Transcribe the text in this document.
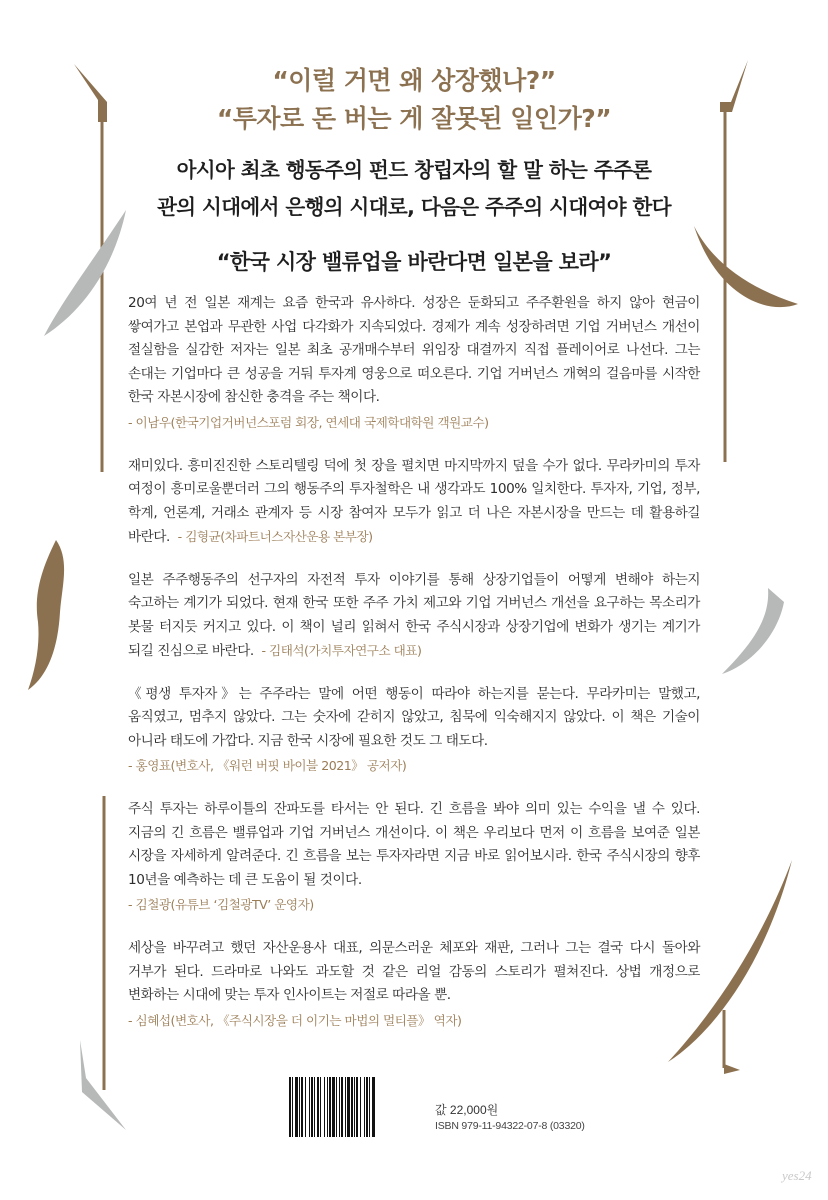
“이럴 거면 왜 상장했나?”
“투자로 돈 버는 게 잘못된 일인가?”
아시아 최초 행동주의 펀드 창립자의 할 말 하는 주주론
관의 시대에서 은행의 시대로, 다음은 주주의 시대여야 한다
“한국 시장 밸류업을 바란다면 일본을 보라”

20여 년 전 일본 재계는 요즘 한국과 유사하다. 성장은 둔화되고 주주환원을 하지 않아 현금이 쌓여가고 본업과 무관한 사업 다각화가 지속되었다. 경제가 계속 성장하려면 기업 거버넌스 개선이 절실함을 실감한 저자는 일본 최초 공개매수부터 위임장 대결까지 직접 플레이어로 나선다. 그는 손대는 기업마다 큰 성공을 거둬 투자계 영웅으로 떠오른다. 기업 거버넌스 개혁의 걸음마를 시작한 한국 자본시장에 참신한 충격을 주는 책이다.

- 이남우(한국기업거버넌스포럼 회장, 연세대 국제학대학원 객원교수)

재미있다. 흥미진진한 스토리텔링 덕에 첫 장을 펼치면 마지막까지 덮을 수가 없다. 무라카미의 투자 여정이 흥미로울뿐더러 그의 행동주의 투자철학은 내 생각과도 100% 일치한다. 투자자, 기업, 정부, 학계, 언론계, 거래소 관계자 등 시장 참여자 모두가 읽고 더 나은 자본시장을 만드는 데 활용하길 바란다. - 김형균(차파트너스자산운용 본부장)

일본 주주행동주의 선구자의 자전적 투자 이야기를 통해 상장기업들이 어떻게 변해야 하는지 숙고하는 계기가 되었다. 현재 한국 또한 주주 가치 제고와 기업 거버넌스 개선을 요구하는 목소리가 봇물 터지듯 커지고 있다. 이 책이 널리 읽혀서 한국 주식시장과 상장기업에 변화가 생기는 계기가 되길 진심으로 바란다. - 김태석(가치투자연구소 대표)

《평생 투자자》는 주주라는 말에 어떤 행동이 따라야 하는지를 묻는다. 무라카미는 말했고, 움직였고, 멈추지 않았다. 그는 숫자에 갇히지 않았고, 침묵에 익숙해지지 않았다. 이 책은 기술이 아니라 태도에 가깝다. 지금 한국 시장에 필요한 것도 그 태도다.

- 홍영표(변호사, 《워런 버핏 바이블 2021》 공저자)

주식 투자는 하루이틀의 잔파도를 타서는 안 된다. 긴 흐름을 봐야 의미 있는 수익을 낼 수 있다. 지금의 긴 흐름은 밸류업과 기업 거버넌스 개선이다. 이 책은 우리보다 먼저 이 흐름을 보여준 일본 시장을 자세하게 알려준다. 긴 흐름을 보는 투자자라면 지금 바로 읽어보시라. 한국 주식시장의 향후 10년을 예측하는 데 큰 도움이 될 것이다.

- 김철광(유튜브 ‘김철광TV’ 운영자)

세상을 바꾸려고 했던 자산운용사 대표, 의문스러운 체포와 재판, 그러나 그는 결국 다시 돌아와 거부가 된다. 드라마로 나와도 과도할 것 같은 리얼 감동의 스토리가 펼쳐진다. 상법 개정으로 변화하는 시대에 맞는 투자 인사이트는 저절로 따라올 뿐.

- 심혜섭(변호사, 《주식시장을 더 이기는 마법의 멀티플》 역자)
값 22,000원
ISBN 979-11-94322-07-8 (03320)
yes24
